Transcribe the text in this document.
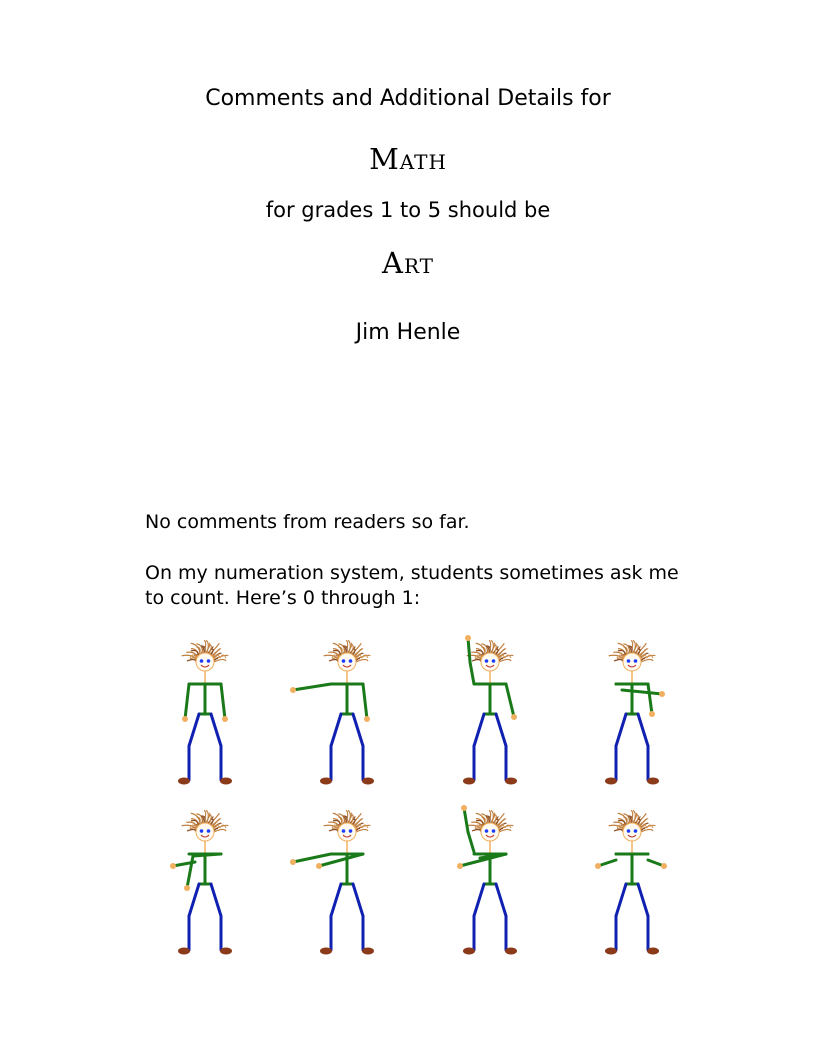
Comments and Additional Details for
Math
for grades 1 to 5 should be
Art
Jim Henle
No comments from readers so far.
On my numeration system, students sometimes ask me to count. Here’s 0 through 1:
